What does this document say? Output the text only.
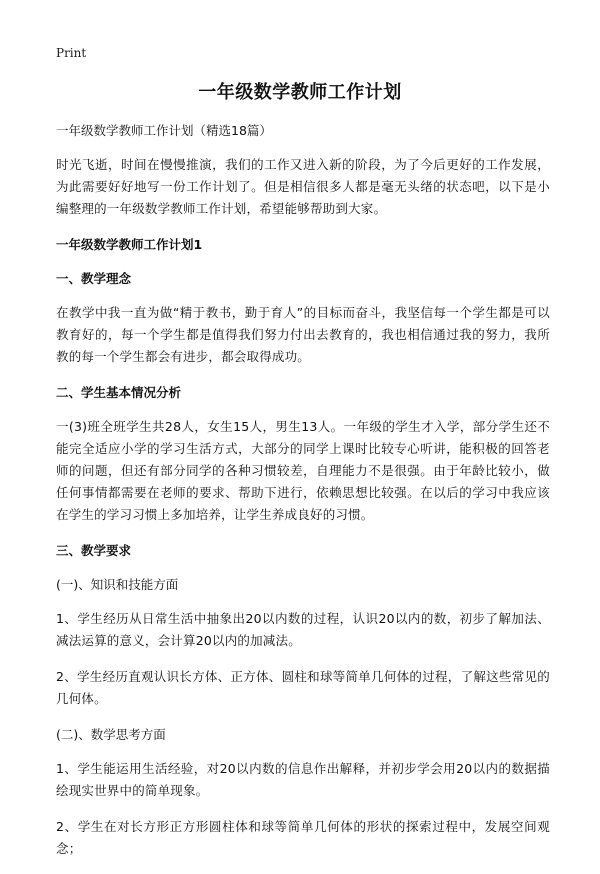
Print
一年级数学教师工作计划
一年级数学教师工作计划（精选18篇）
时光飞逝，时间在慢慢推演，我们的工作又进入新的阶段，为了今后更好的工作发展，为此需要好好地写一份工作计划了。但是相信很多人都是毫无头绪的状态吧，以下是小编整理的一年级数学教师工作计划，希望能够帮助到大家。
一年级数学教师工作计划1
一、教学理念
在教学中我一直为做“精于教书，勤于育人”的目标而奋斗，我坚信每一个学生都是可以教育好的，每一个学生都是值得我们努力付出去教育的，我也相信通过我的努力，我所教的每一个学生都会有进步，都会取得成功。
二、学生基本情况分析
一(3)班全班学生共28人，女生15人，男生13人。一年级的学生才入学，部分学生还不能完全适应小学的学习生活方式，大部分的同学上课时比较专心听讲，能积极的回答老师的问题，但还有部分同学的各种习惯较差，自理能力不是很强。由于年龄比较小，做任何事情都需要在老师的要求、帮助下进行，依赖思想比较强。在以后的学习中我应该在学生的学习习惯上多加培养，让学生养成良好的习惯。
三、教学要求
(一)、知识和技能方面
1、学生经历从日常生活中抽象出20以内数的过程，认识20以内的数，初步了解加法、减法运算的意义，会计算20以内的加减法。
2、学生经历直观认识长方体、正方体、圆柱和球等简单几何体的过程，了解这些常见的几何体。
(二)、数学思考方面
1、学生能运用生活经验，对20以内数的信息作出解释，并初步学会用20以内的数据描绘现实世界中的简单现象。
2、学生在对长方形正方形圆柱体和球等简单几何体的形状的探索过程中，发展空间观念；
